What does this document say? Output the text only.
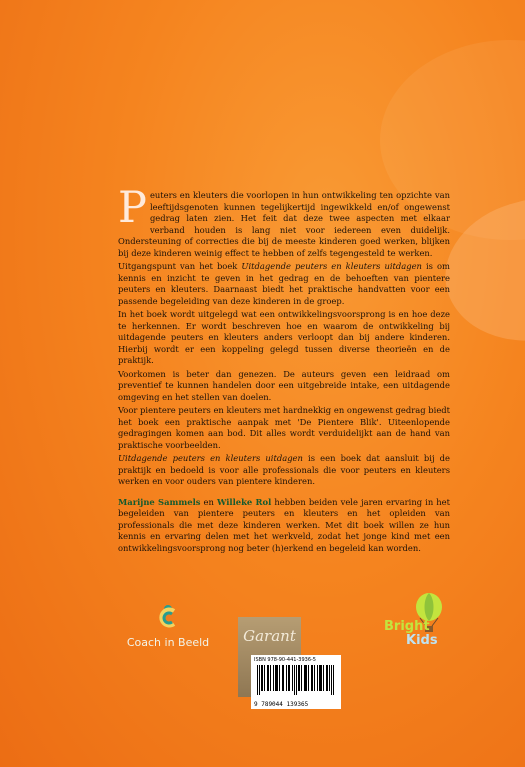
P euters en kleuters die voorlopen in hun ontwikkeling ten opzichte van leeftijdsgenoten kunnen tegelijkertijd ingewikkeld en/of ongewenst gedrag laten zien. Het feit dat deze twee aspecten met elkaar verband houden is lang niet voor iedereen even duidelijk. Ondersteuning of correcties die bij de meeste kinderen goed werken, blijken bij deze kinderen weinig effect te hebben of zelfs tegengesteld te werken.

Uitgangspunt van het boek Uitdagende peuters en kleuters uitdagen is om kennis en inzicht te geven in het gedrag en de behoeften van pientere peuters en kleuters. Daarnaast biedt het praktische handvatten voor een passende begeleiding van deze kinderen in de groep.

In het boek wordt uitgelegd wat een ontwikkelingsvoorsprong is en hoe deze te herkennen. Er wordt beschreven hoe en waarom de ontwikkeling bij uitdagende peuters en kleuters anders verloopt dan bij andere kinderen. Hierbij wordt er een koppeling gelegd tussen diverse theorieën en de praktijk.

Voorkomen is beter dan genezen. De auteurs geven een leidraad om preventief te kunnen handelen door een uitgebreide intake, een uitdagende omgeving en het stellen van doelen.

Voor pientere peuters en kleuters met hardnekkig en ongewenst gedrag biedt het boek een praktische aanpak met 'De Pientere Blik'. Uiteenlopende gedragingen komen aan bod. Dit alles wordt verduidelijkt aan de hand van praktische voorbeelden.

Uitdagende peuters en kleuters uitdagen is een boek dat aansluit bij de praktijk en bedoeld is voor alle professionals die voor peuters en kleuters werken en voor ouders van pientere kinderen.

Marijne Sammels en Willeke Rol hebben beiden vele jaren ervaring in het begeleiden van pientere peuters en kleuters en het opleiden van professionals die met deze kinderen werken. Met dit boek willen ze hun kennis en ervaring delen met het werkveld, zodat het jonge kind met een ontwikkelingsvoorsprong nog beter (h)erkend en begeleid kan worden.

Coach in Beeld	Garant
ISBN 978-90-441-3936-5
9 789044 139365
Bright
Kids
